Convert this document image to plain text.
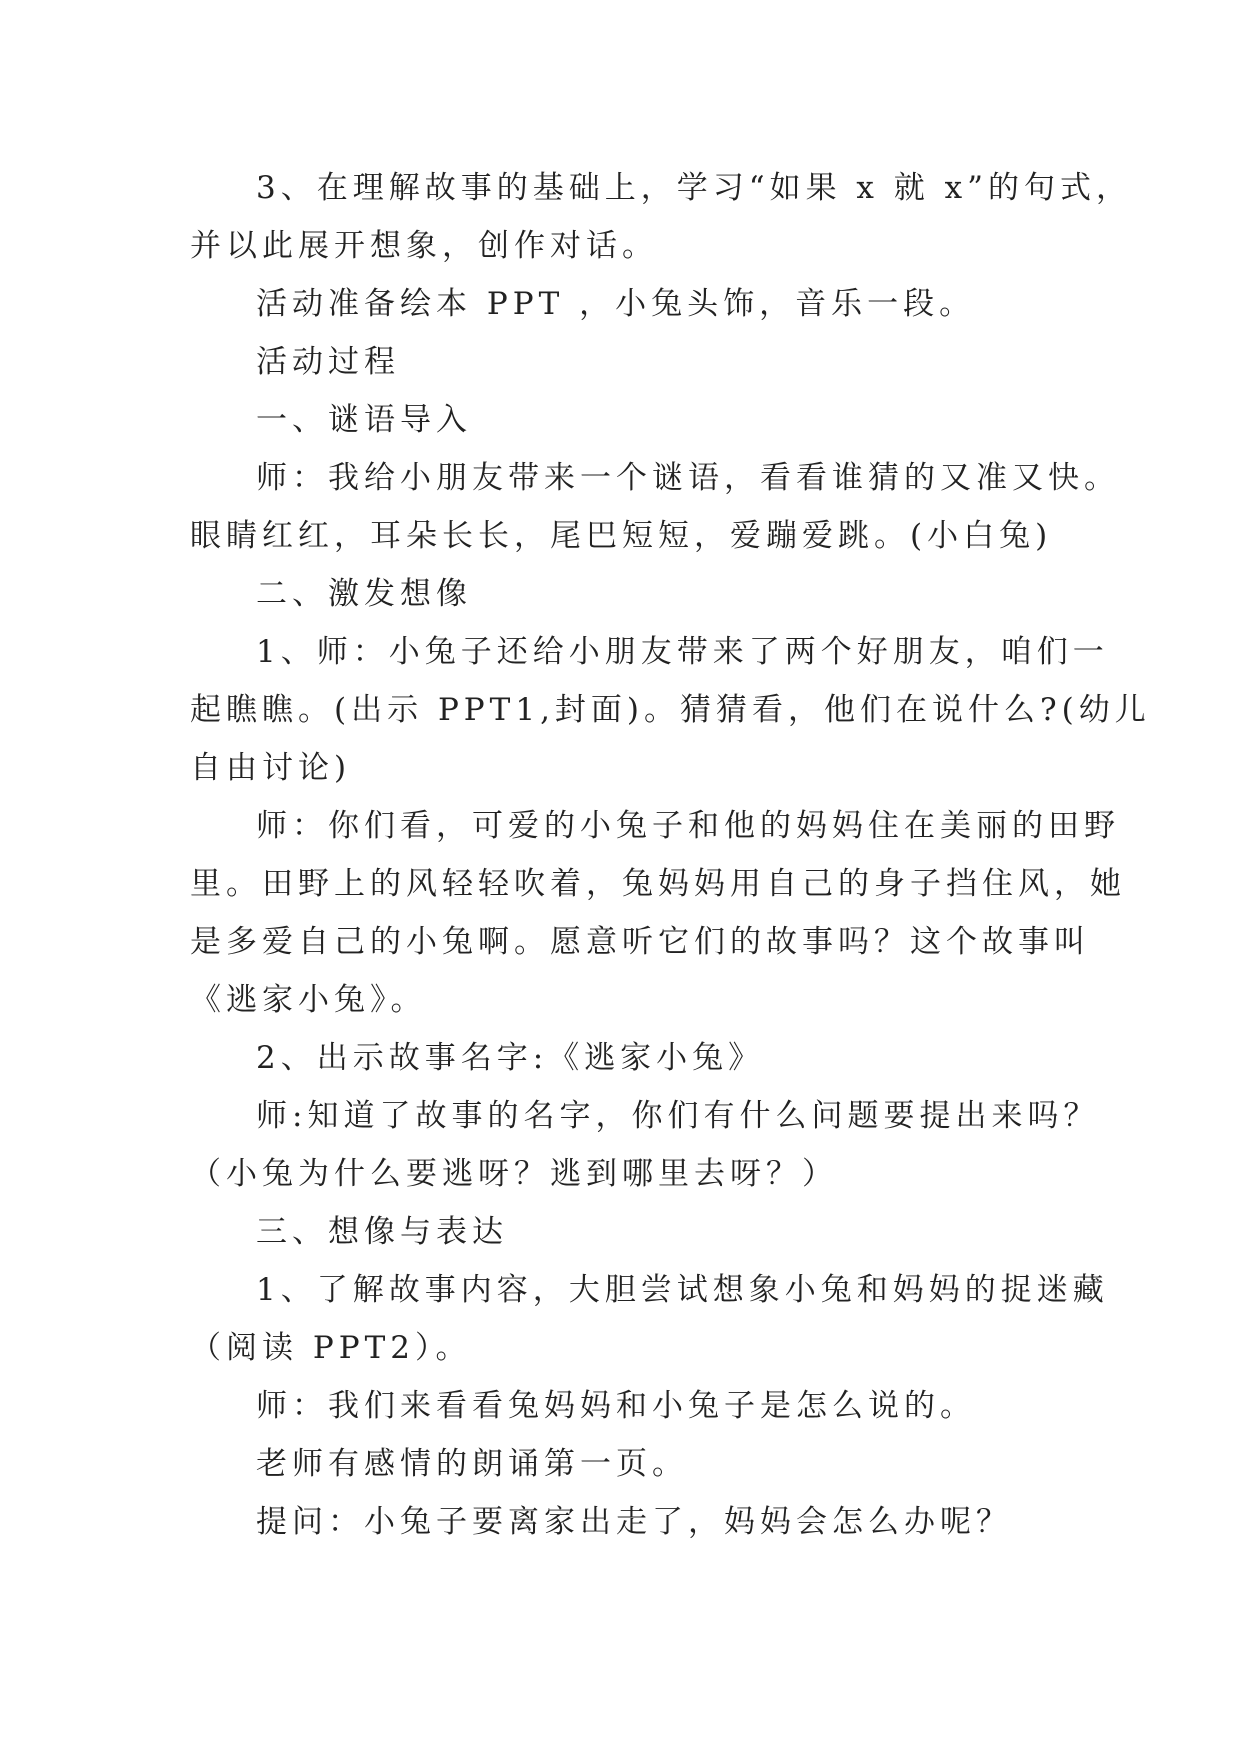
3、在理解故事的基础上，学习“如果 x 就 x”的句式，
并以此展开想象，创作对话。
活动准备绘本 PPT ，小兔头饰，音乐一段。
活动过程
一、谜语导入
师：我给小朋友带来一个谜语，看看谁猜的又准又快。
眼睛红红，耳朵长长，尾巴短短，爱蹦爱跳。(小白兔)
二、激发想像
1、师：小兔子还给小朋友带来了两个好朋友，咱们一
起瞧瞧。(出示 PPT1,封面)。猜猜看，他们在说什么?(幼儿
自由讨论)
师：你们看，可爱的小兔子和他的妈妈住在美丽的田野
里。田野上的风轻轻吹着，兔妈妈用自己的身子挡住风，她
是多爱自己的小兔啊。愿意听它们的故事吗？这个故事叫
《逃家小兔》。
2、出示故事名字:《逃家小兔》
师:知道了故事的名字，你们有什么问题要提出来吗？
（小兔为什么要逃呀？逃到哪里去呀？）
三、想像与表达
1、了解故事内容，大胆尝试想象小兔和妈妈的捉迷藏
（阅读 PPT2）。
师：我们来看看兔妈妈和小兔子是怎么说的。
老师有感情的朗诵第一页。
提问：小兔子要离家出走了，妈妈会怎么办呢？
